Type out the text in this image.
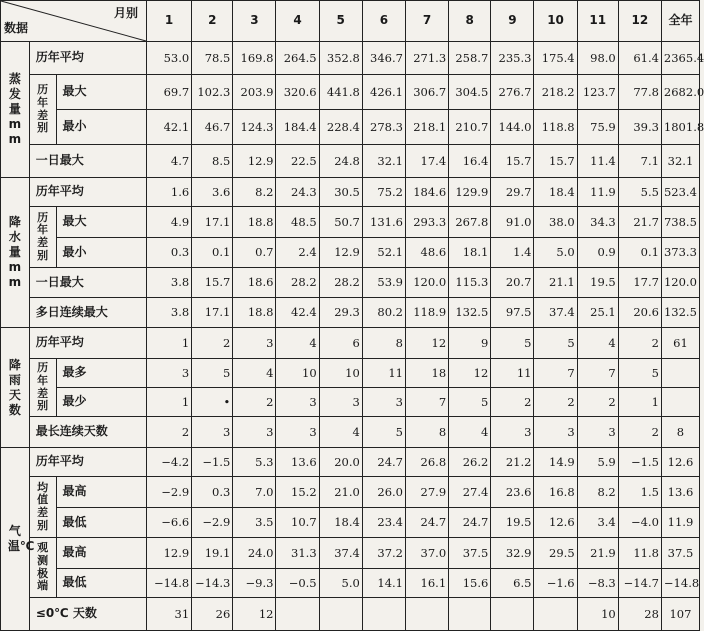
月别
数据			1	2	3	4	5	6	7	8	9	10	11	12	全年
蒸发量mm	历年平均		53.0	78.5	169.8	264.5	352.8	346.7	271.3	258.7	235.3	175.4	98.0	61.4	2365.4
	历年差别	最大	69.7	102.3	203.9	320.6	441.8	426.1	306.7	304.5	276.7	218.2	123.7	77.8	2682.0
		最小	42.1	46.7	124.3	184.4	228.4	278.3	218.1	210.7	144.0	118.8	75.9	39.3	1801.8
	一日最大		4.7	8.5	12.9	22.5	24.8	32.1	17.4	16.4	15.7	15.7	11.4	7.1	32.1
降水量mm	历年平均		1.6	3.6	8.2	24.3	30.5	75.2	184.6	129.9	29.7	18.4	11.9	5.5	523.4
	历年差别	最大	4.9	17.1	18.8	48.5	50.7	131.6	293.3	267.8	91.0	38.0	34.3	21.7	738.5
		最小	0.3	0.1	0.7	2.4	12.9	52.1	48.6	18.1	1.4	5.0	0.9	0.1	373.3
	一日最大		3.8	15.7	18.6	28.2	28.2	53.9	120.0	115.3	20.7	21.1	19.5	17.7	120.0
	多日连续最大		3.8	17.1	18.8	42.4	29.3	80.2	118.9	132.5	97.5	37.4	25.1	20.6	132.5
降雨天数	历年平均		1	2	3	4	6	8	12	9	5	5	4	2	61
	历年差别	最多	3	5	4	10	10	11	18	12	11	7	7	5	
		最少	1	•	2	3	3	3	7	5	2	2	2	1	
	最长连续天数		2	3	3	3	4	5	8	4	3	3	3	2	8
气温℃	历年平均		−4.2	−1.5	5.3	13.6	20.0	24.7	26.8	26.2	21.2	14.9	5.9	−1.5	12.6
	均值差别	最高	−2.9	0.3	7.0	15.2	21.0	26.0	27.9	27.4	23.6	16.8	8.2	1.5	13.6
		最低	−6.6	−2.9	3.5	10.7	18.4	23.4	24.7	24.7	19.5	12.6	3.4	−4.0	11.9
	观测极端	最高	12.9	19.1	24.0	31.3	37.4	37.2	37.0	37.5	32.9	29.5	21.9	11.8	37.5
		最低	−14.8	−14.3	−9.3	−0.5	5.0	14.1	16.1	15.6	6.5	−1.6	−8.3	−14.7	−14.8
	≤0℃ 天数		31	26	12								10	28	107
